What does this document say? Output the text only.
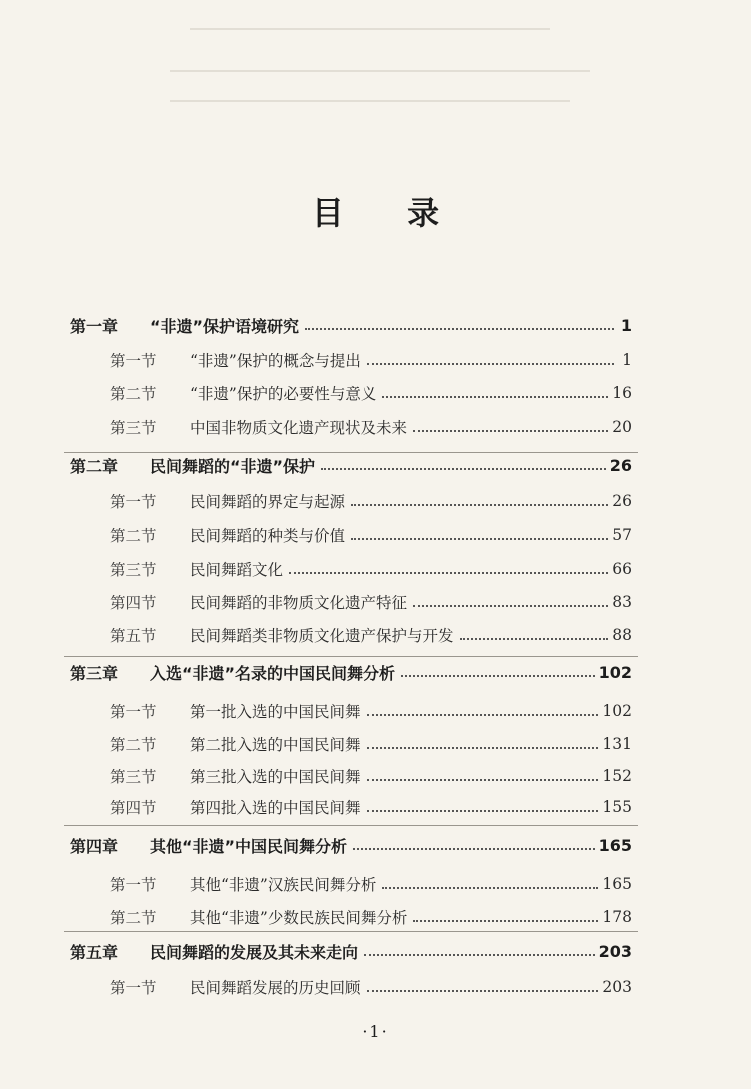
目 录
第一章	“非遗”保护语境研究	1
第一节	“非遗”保护的概念与提出	1
第二节	“非遗”保护的必要性与意义	16
第三节	中国非物质文化遗产现状及未来	20
第二章	民间舞蹈的“非遗”保护	26
第一节	民间舞蹈的界定与起源	26
第二节	民间舞蹈的种类与价值	57
第三节	民间舞蹈文化	66
第四节	民间舞蹈的非物质文化遗产特征	83
第五节	民间舞蹈类非物质文化遗产保护与开发	88
第三章	入选“非遗”名录的中国民间舞分析	102
第一节	第一批入选的中国民间舞	102
第二节	第二批入选的中国民间舞	131
第三节	第三批入选的中国民间舞	152
第四节	第四批入选的中国民间舞	155
第四章	其他“非遗”中国民间舞分析	165
第一节	其他“非遗”汉族民间舞分析	165
第二节	其他“非遗”少数民族民间舞分析	178
第五章	民间舞蹈的发展及其未来走向	203
第一节	民间舞蹈发展的历史回顾	203
·1·
